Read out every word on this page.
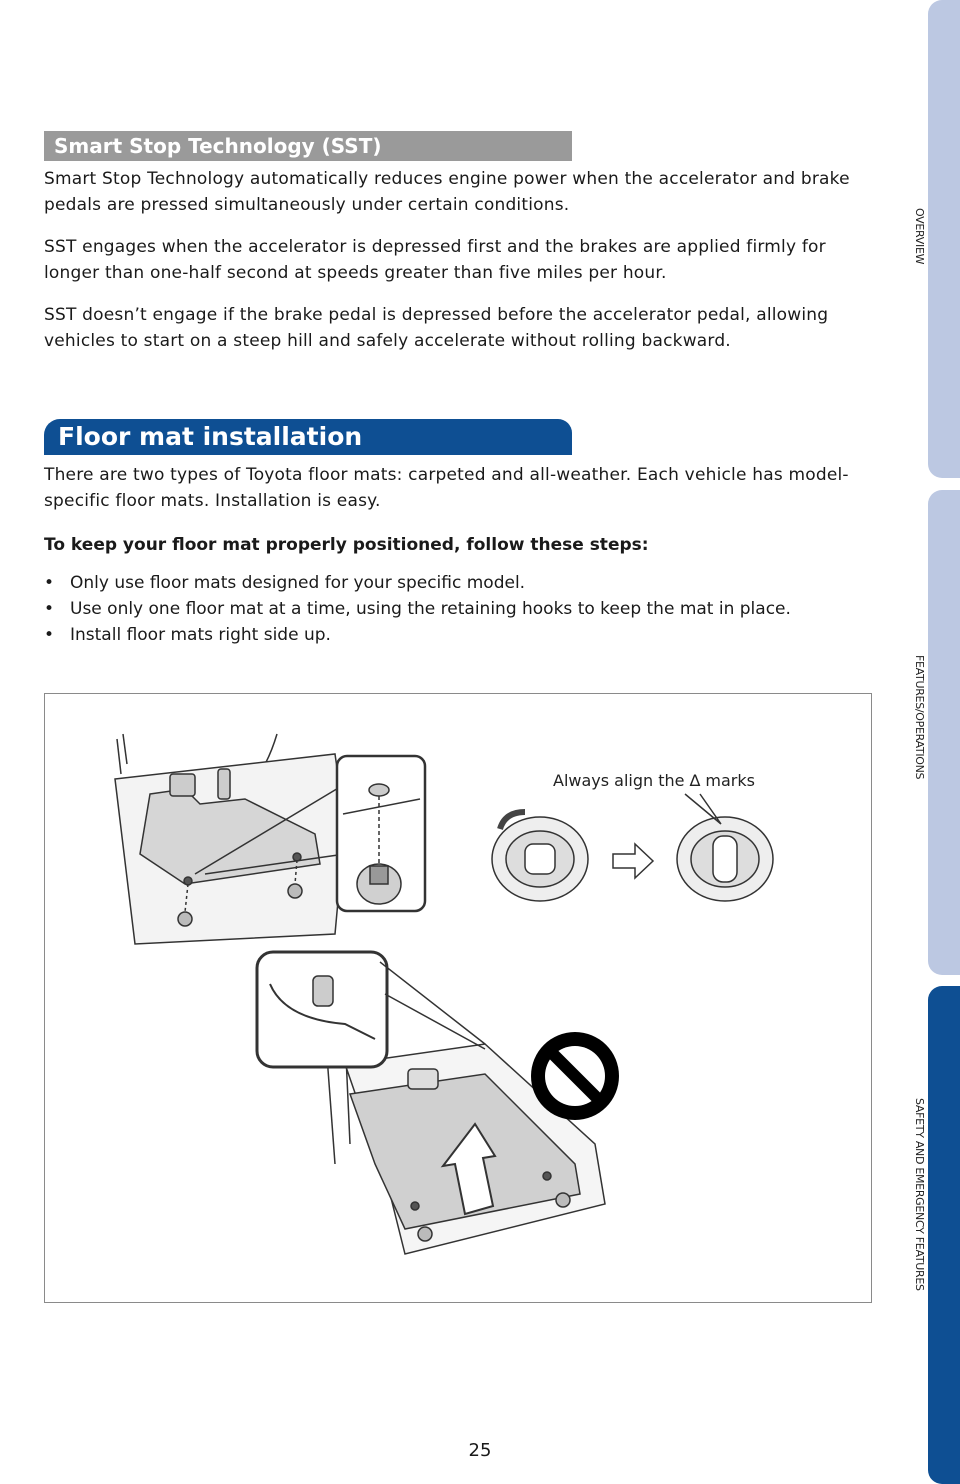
OVERVIEW
FEATURES/OPERATIONS
SAFETY AND EMERGENCY FEATURES
Smart Stop Technology (SST)

Smart Stop Technology automatically reduces engine power when the accelerator and brake pedals are pressed simultaneously under certain conditions.

SST engages when the accelerator is depressed first and the brakes are applied firmly for longer than one-half second at speeds greater than five miles per hour.

SST doesn’t engage if the brake pedal is depressed before the accelerator pedal, allowing vehicles to start on a steep hill and safely accelerate without rolling backward.

Floor mat installation

There are two types of Toyota floor mats: carpeted and all-weather. Each vehicle has model-specific floor mats. Installation is easy.

To keep your floor mat properly positioned, follow these steps:
• Only use floor mats designed for your specific model.
• Use only one floor mat at a time, using the retaining hooks to keep the mat in place.
• Install floor mats right side up.
Always align the ∆ marks
25
